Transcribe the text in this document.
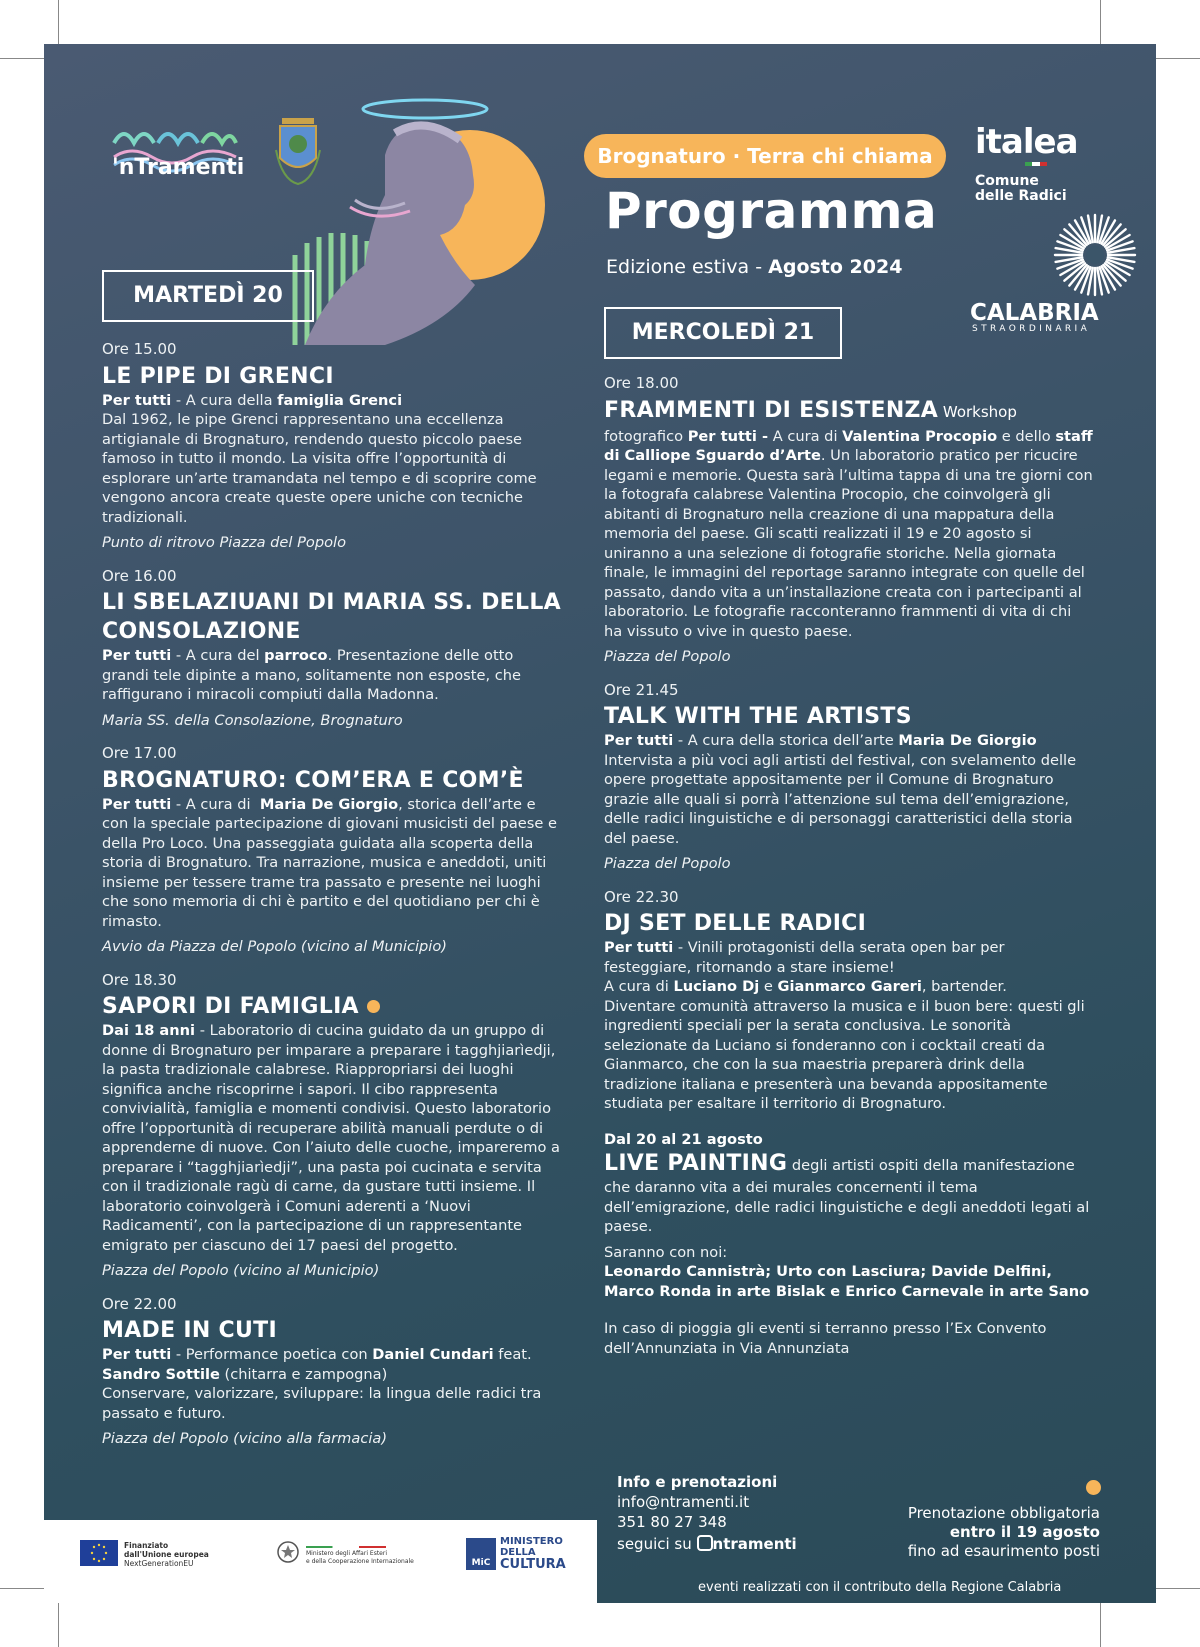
'nTramenti	Brognaturo · Terra chi chiama
Programma
Edizione estiva - Agosto 2024
italea
Comune delle Radici
CALABRIA
STRAORDINARIA
MARTEDÌ 20
MERCOLEDÌ 21
Ore 15.00
LE PIPE DI GRENCI

Per tutti - A cura della famiglia Grenci

Dal 1962, le pipe Grenci rappresentano una eccellenza artigianale di Brognaturo, rendendo questo piccolo paese famoso in tutto il mondo. La visita offre l’opportunità di esplorare un’arte tramandata nel tempo e di scoprire come vengono ancora create queste opere uniche con tecniche tradizionali.

Punto di ritrovo Piazza del Popolo

Ore 16.00
LI SBELAZIUANI DI MARIA SS. DELLA CONSOLAZIONE

Per tutti - A cura del parroco. Presentazione delle otto grandi tele dipinte a mano, solitamente non esposte, che raffigurano i miracoli compiuti dalla Madonna.

Maria SS. della Consolazione, Brognaturo

Ore 17.00
BROGNATURO: COM’ERA E COM’È

Per tutti - A cura di  Maria De Giorgio, storica dell’arte e con la speciale partecipazione di giovani musicisti del paese e della Pro Loco. Una passeggiata guidata alla scoperta della storia di Brognaturo. Tra narrazione, musica e aneddoti, uniti insieme per tessere trame tra passato e presente nei luoghi che sono memoria di chi è partito e del quotidiano per chi è rimasto.

Avvio da Piazza del Popolo (vicino al Municipio)

Ore 18.30
SAPORI DI FAMIGLIA

Dai 18 anni - Laboratorio di cucina guidato da un gruppo di donne di Brognaturo per imparare a preparare i tagghjiarìedji, la pasta tradizionale calabrese. Riappropriarsi dei luoghi significa anche riscoprirne i sapori. Il cibo rappresenta convivialità, famiglia e momenti condivisi. Questo laboratorio offre l’opportunità di recuperare abilità manuali perdute o di apprenderne di nuove. Con l’aiuto delle cuoche, impareremo a preparare i “tagghjiarìedji”, una pasta poi cucinata e servita con il tradizionale ragù di carne, da gustare tutti insieme. Il laboratorio coinvolgerà i Comuni aderenti a ‘Nuovi Radicamenti’, con la partecipazione di un rappresentante emigrato per ciascuno dei 17 paesi del progetto.

Piazza del Popolo (vicino al Municipio)

Ore 22.00
MADE IN CUTI

Per tutti - Performance poetica con Daniel Cundari feat.

Sandro Sottile (chitarra e zampogna)

Conservare, valorizzare, sviluppare: la lingua delle radici tra passato e futuro.

Piazza del Popolo (vicino alla farmacia)

Ore 18.00
FRAMMENTI DI ESISTENZA Workshop

fotografico Per tutti - A cura di Valentina Procopio e dello staff di Calliope Sguardo d’Arte. Un laboratorio pratico per ricucire legami e memorie. Questa sarà l’ultima tappa di una tre giorni con la fotografa calabrese Valentina Procopio, che coinvolgerà gli abitanti di Brognaturo nella creazione di una mappatura della memoria del paese. Gli scatti realizzati il 19 e 20 agosto si uniranno a una selezione di fotografie storiche. Nella giornata finale, le immagini del reportage saranno integrate con quelle del passato, dando vita a un’installazione creata con i partecipanti al laboratorio. Le fotografie racconteranno frammenti di vita di chi ha vissuto o vive in questo paese.

Piazza del Popolo

Ore 21.45
TALK WITH THE ARTISTS

Per tutti - A cura della storica dell’arte Maria De Giorgio

Intervista a più voci agli artisti del festival, con svelamento delle opere progettate appositamente per il Comune di Brognaturo grazie alle quali si porrà l’attenzione sul tema dell’emigrazione, delle radici linguistiche e di personaggi caratteristici della storia del paese.

Piazza del Popolo

Ore 22.30
DJ SET DELLE RADICI

Per tutti - Vinili protagonisti della serata open bar per festeggiare, ritornando a stare insieme!

A cura di Luciano Dj e Gianmarco Gareri, bartender.

Diventare comunità attraverso la musica e il buon bere: questi gli ingredienti speciali per la serata conclusiva. Le sonorità selezionate da Luciano si fonderanno con i cocktail creati da Gianmarco, che con la sua maestria preparerà drink della tradizione italiana e presenterà una bevanda appositamente studiata per esaltare il territorio di Brognaturo.

Dal 20 al 21 agosto

LIVE PAINTING degli artisti ospiti della manifestazione che daranno vita a dei murales concernenti il tema dell’emigrazione, delle radici linguistiche e degli aneddoti legati al paese.

Saranno con noi:

Leonardo Cannistrà; Urto con Lasciura; Davide Delfini, Marco Ronda in arte Bislak e Enrico Carnevale in arte Sano

In caso di pioggia gli eventi si terranno presso l’Ex Convento dell’Annunziata in Via Annunziata

Info e prenotazioni
info@ntramenti.it
351 80 27 348
seguici su ntramenti
Prenotazione obbligatoria
entro il 19 agosto
fino ad esaurimento posti
eventi realizzati con il contributo della Regione Calabria
Finanziato
dall'Unione europea
NextGenerationEU
Ministero degli Affari Esteri
e della Cooperazione Internazionale	MiC
MINISTERO
DELLA
CULTURA
